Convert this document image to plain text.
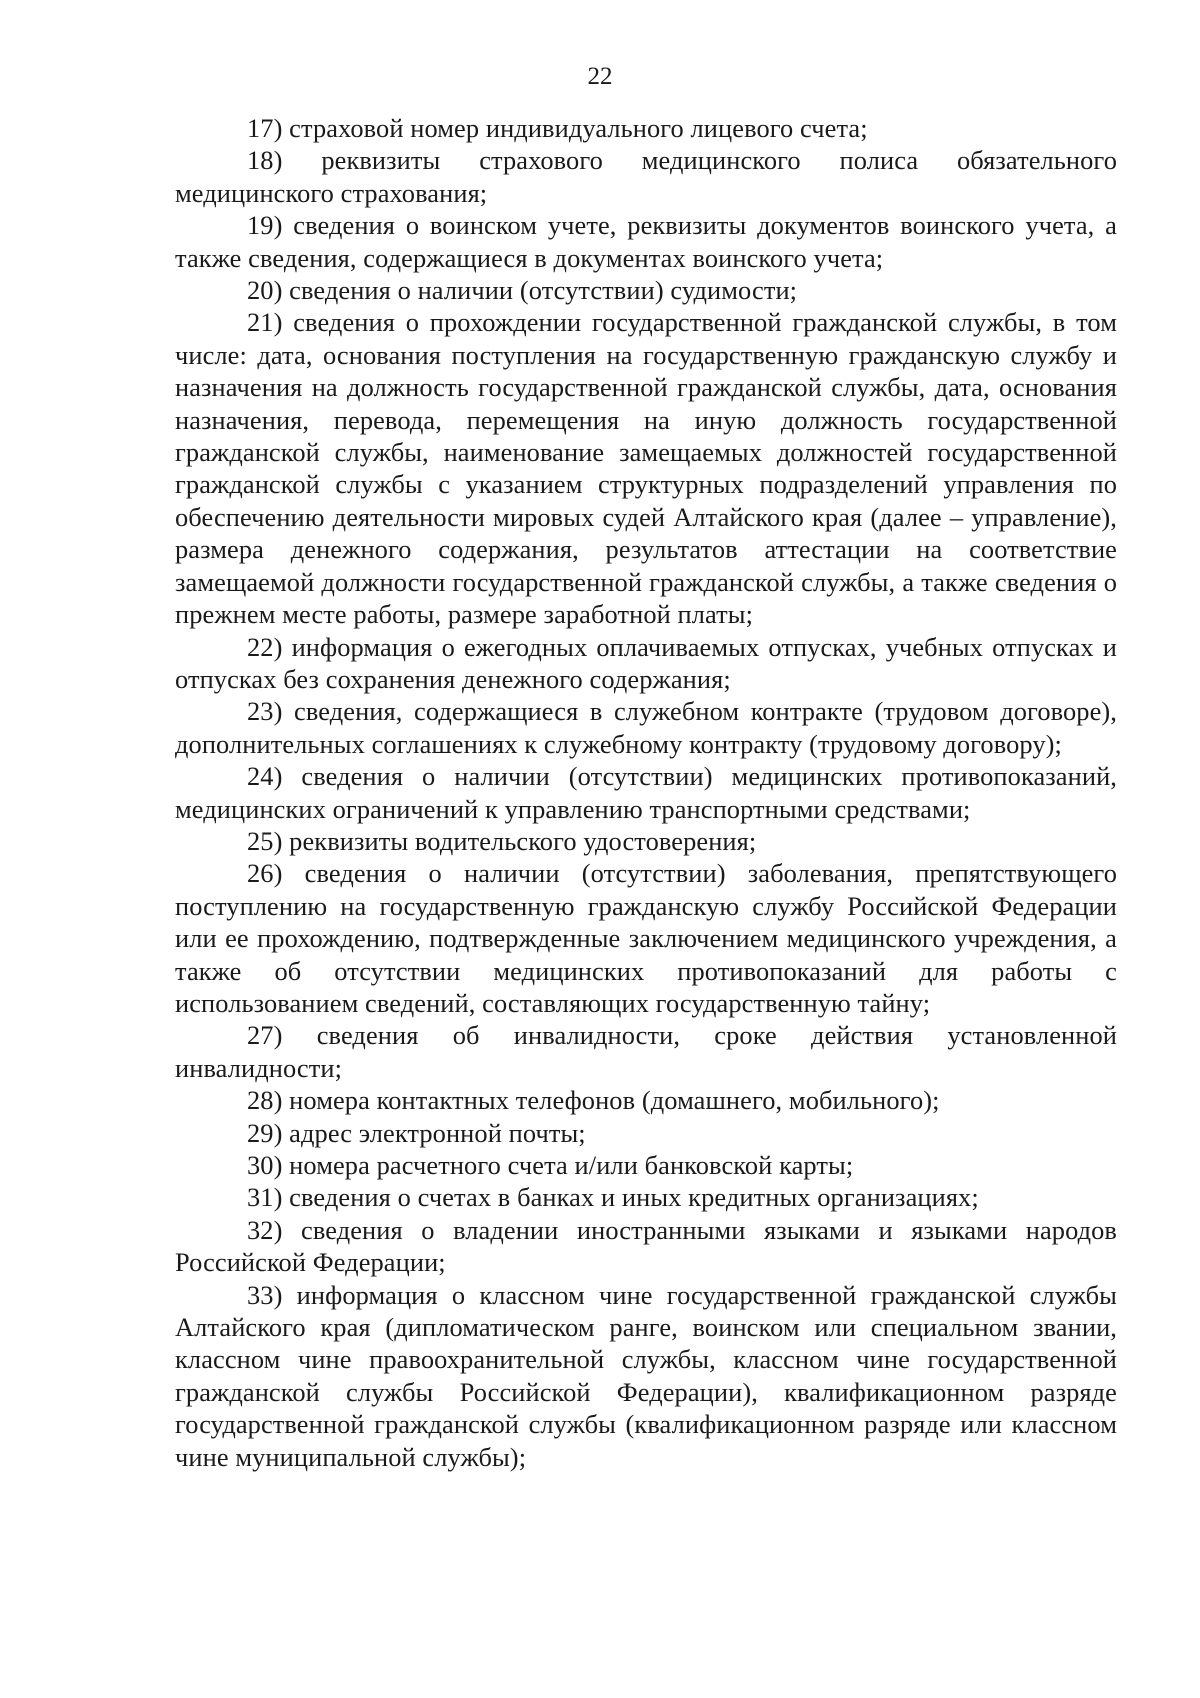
22

17) страховой номер индивидуального лицевого счета;

18) реквизиты страхового медицинского полиса обязательного медицинского страхования;

19) сведения о воинском учете, реквизиты документов воинского учета, а также сведения, содержащиеся в документах воинского учета;

20) сведения о наличии (отсутствии) судимости;

21) сведения о прохождении государственной гражданской службы, в том числе: дата, основания поступления на государственную гражданскую службу и назначения на должность государственной гражданской службы, дата, основания назначения, перевода, перемещения на иную должность государственной гражданской службы, наименование замещаемых должностей государственной гражданской службы с указанием структурных подразделений управления по обеспечению деятельности мировых судей Алтайского края (далее – управление), размера денежного содержания, результатов аттестации на соответствие замещаемой должности государственной гражданской службы, а также сведения о прежнем месте работы, размере заработной платы;

22) информация о ежегодных оплачиваемых отпусках, учебных отпусках и отпусках без сохранения денежного содержания;

23) сведения, содержащиеся в служебном контракте (трудовом договоре), дополнительных соглашениях к служебному контракту (трудовому договору);

24) сведения о наличии (отсутствии) медицинских противопоказаний, медицинских ограничений к управлению транспортными средствами;

25) реквизиты водительского удостоверения;

26) сведения о наличии (отсутствии) заболевания, препятствующего поступлению на государственную гражданскую службу Российской Федерации или ее прохождению, подтвержденные заключением медицинского учреждения, а также об отсутствии медицинских противопоказаний для работы с использованием сведений, составляющих государственную тайну;

27) сведения об инвалидности, сроке действия установленной инвалидности;

28) номера контактных телефонов (домашнего, мобильного);

29) адрес электронной почты;

30) номера расчетного счета и/или банковской карты;

31) сведения о счетах в банках и иных кредитных организациях;

32) сведения о владении иностранными языками и языками народов Российской Федерации;

33) информация о классном чине государственной гражданской службы Алтайского края (дипломатическом ранге, воинском или специальном звании, классном чине правоохранительной службы, классном чине государственной гражданской службы Российской Федерации), квалификационном разряде государственной гражданской службы (квалификационном разряде или классном чине муниципальной службы);
